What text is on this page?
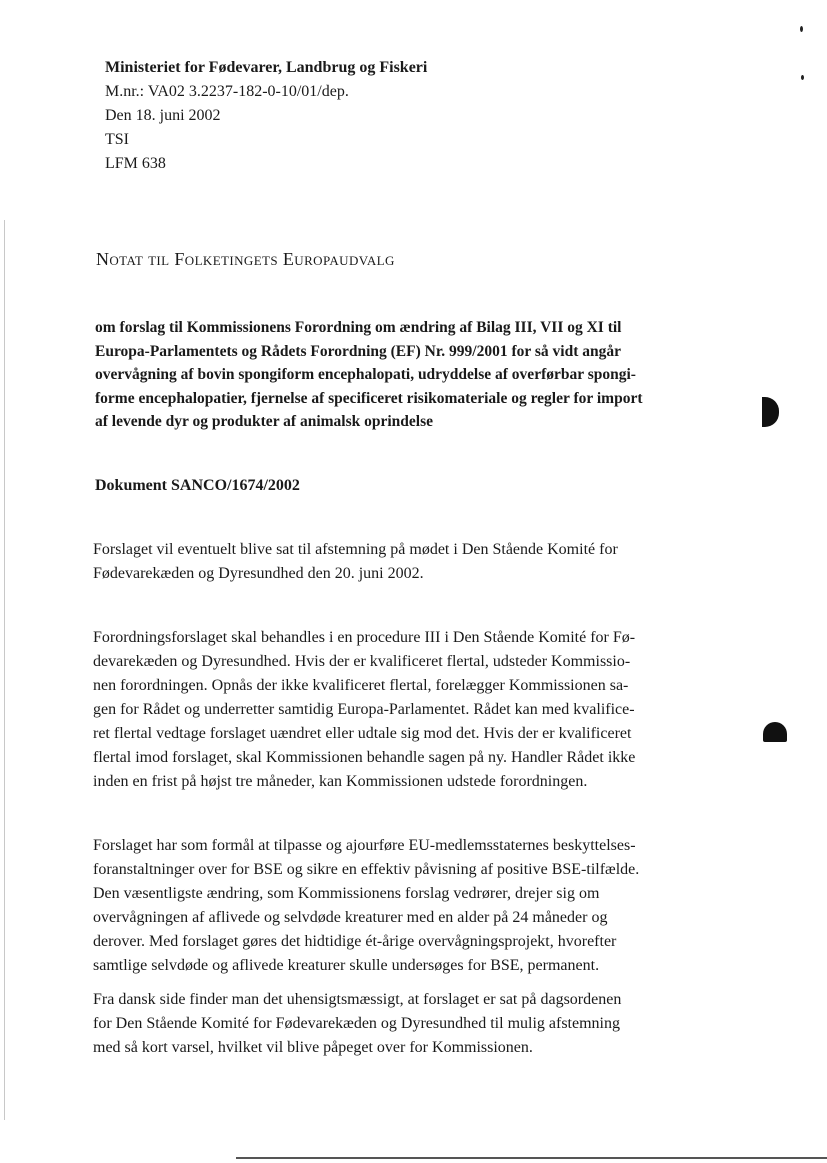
Ministeriet for Fødevarer, Landbrug og Fiskeri
M.nr.: VA02 3.2237-182-0-10/01/dep.
Den 18. juni 2002
TSI
LFM 638
Notat til Folketingets Europaudvalg
om forslag til Kommissionens Forordning om ændring af Bilag III, VII og XI til
Europa-Parlamentets og Rådets Forordning (EF) Nr. 999/2001 for så vidt angår
overvågning af bovin spongiform encephalopati, udryddelse af overførbar spongi-
forme encephalopatier, fjernelse af specificeret risikomateriale og regler for import
af levende dyr og produkter af animalsk oprindelse
Dokument SANCO/1674/2002
Forslaget vil eventuelt blive sat til afstemning på mødet i Den Stående Komité for
Fødevarekæden og Dyresundhed den 20. juni 2002.
Forordningsforslaget skal behandles i en procedure III i Den Stående Komité for Fø-
devarekæden og Dyresundhed. Hvis der er kvalificeret flertal, udsteder Kommissio-
nen forordningen. Opnås der ikke kvalificeret flertal, forelægger Kommissionen sa-
gen for Rådet og underretter samtidig Europa-Parlamentet. Rådet kan med kvalifice-
ret flertal vedtage forslaget uændret eller udtale sig mod det. Hvis der er kvalificeret
flertal imod forslaget, skal Kommissionen behandle sagen på ny. Handler Rådet ikke
inden en frist på højst tre måneder, kan Kommissionen udstede forordningen.
Forslaget har som formål at tilpasse og ajourføre EU-medlemsstaternes beskyttelses-
foranstaltninger over for BSE og sikre en effektiv påvisning af positive BSE-tilfælde.
Den væsentligste ændring, som Kommissionens forslag vedrører, drejer sig om
overvågningen af aflivede og selvdøde kreaturer med en alder på 24 måneder og
derover. Med forslaget gøres det hidtidige ét-årige overvågningsprojekt, hvorefter
samtlige selvdøde og aflivede kreaturer skulle undersøges for BSE, permanent.
Fra dansk side finder man det uhensigtsmæssigt, at forslaget er sat på dagsordenen
for Den Stående Komité for Fødevarekæden og Dyresundhed til mulig afstemning
med så kort varsel, hvilket vil blive påpeget over for Kommissionen.
